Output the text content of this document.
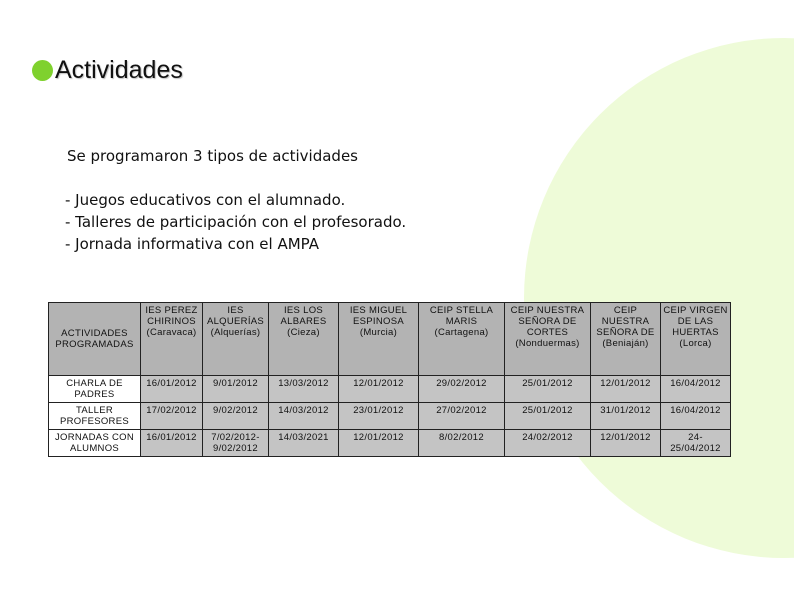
Actividades
Se programaron 3 tipos de actividades
- Juegos educativos con el alumnado.
- Talleres de participación con el profesorado.
- Jornada informativa con el AMPA
ACTIVIDADES PROGRAMADAS	IES PEREZ CHIRINOS (Caravaca)	IES ALQUERÍAS (Alquerías)	IES LOS ALBARES (Cieza)	IES MIGUEL ESPINOSA (Murcia)	CEIP STELLA MARIS (Cartagena)	CEIP NUESTRA SEÑORA DE CORTES (Nonduermas)	CEIP NUESTRA SEÑORA DE (Beniaján)	CEIP VIRGEN DE LAS HUERTAS (Lorca)
CHARLA DE PADRES	16/01/2012	9/01/2012	13/03/2012	12/01/2012	29/02/2012	25/01/2012	12/01/2012	16/04/2012
TALLER PROFESORES	17/02/2012	9/02/2012	14/03/2012	23/01/2012	27/02/2012	25/01/2012	31/01/2012	16/04/2012
JORNADAS CON ALUMNOS	16/01/2012	7/02/2012-9/02/2012	14/03/2021	12/01/2012	8/02/2012	24/02/2012	12/01/2012	24-25/04/2012
